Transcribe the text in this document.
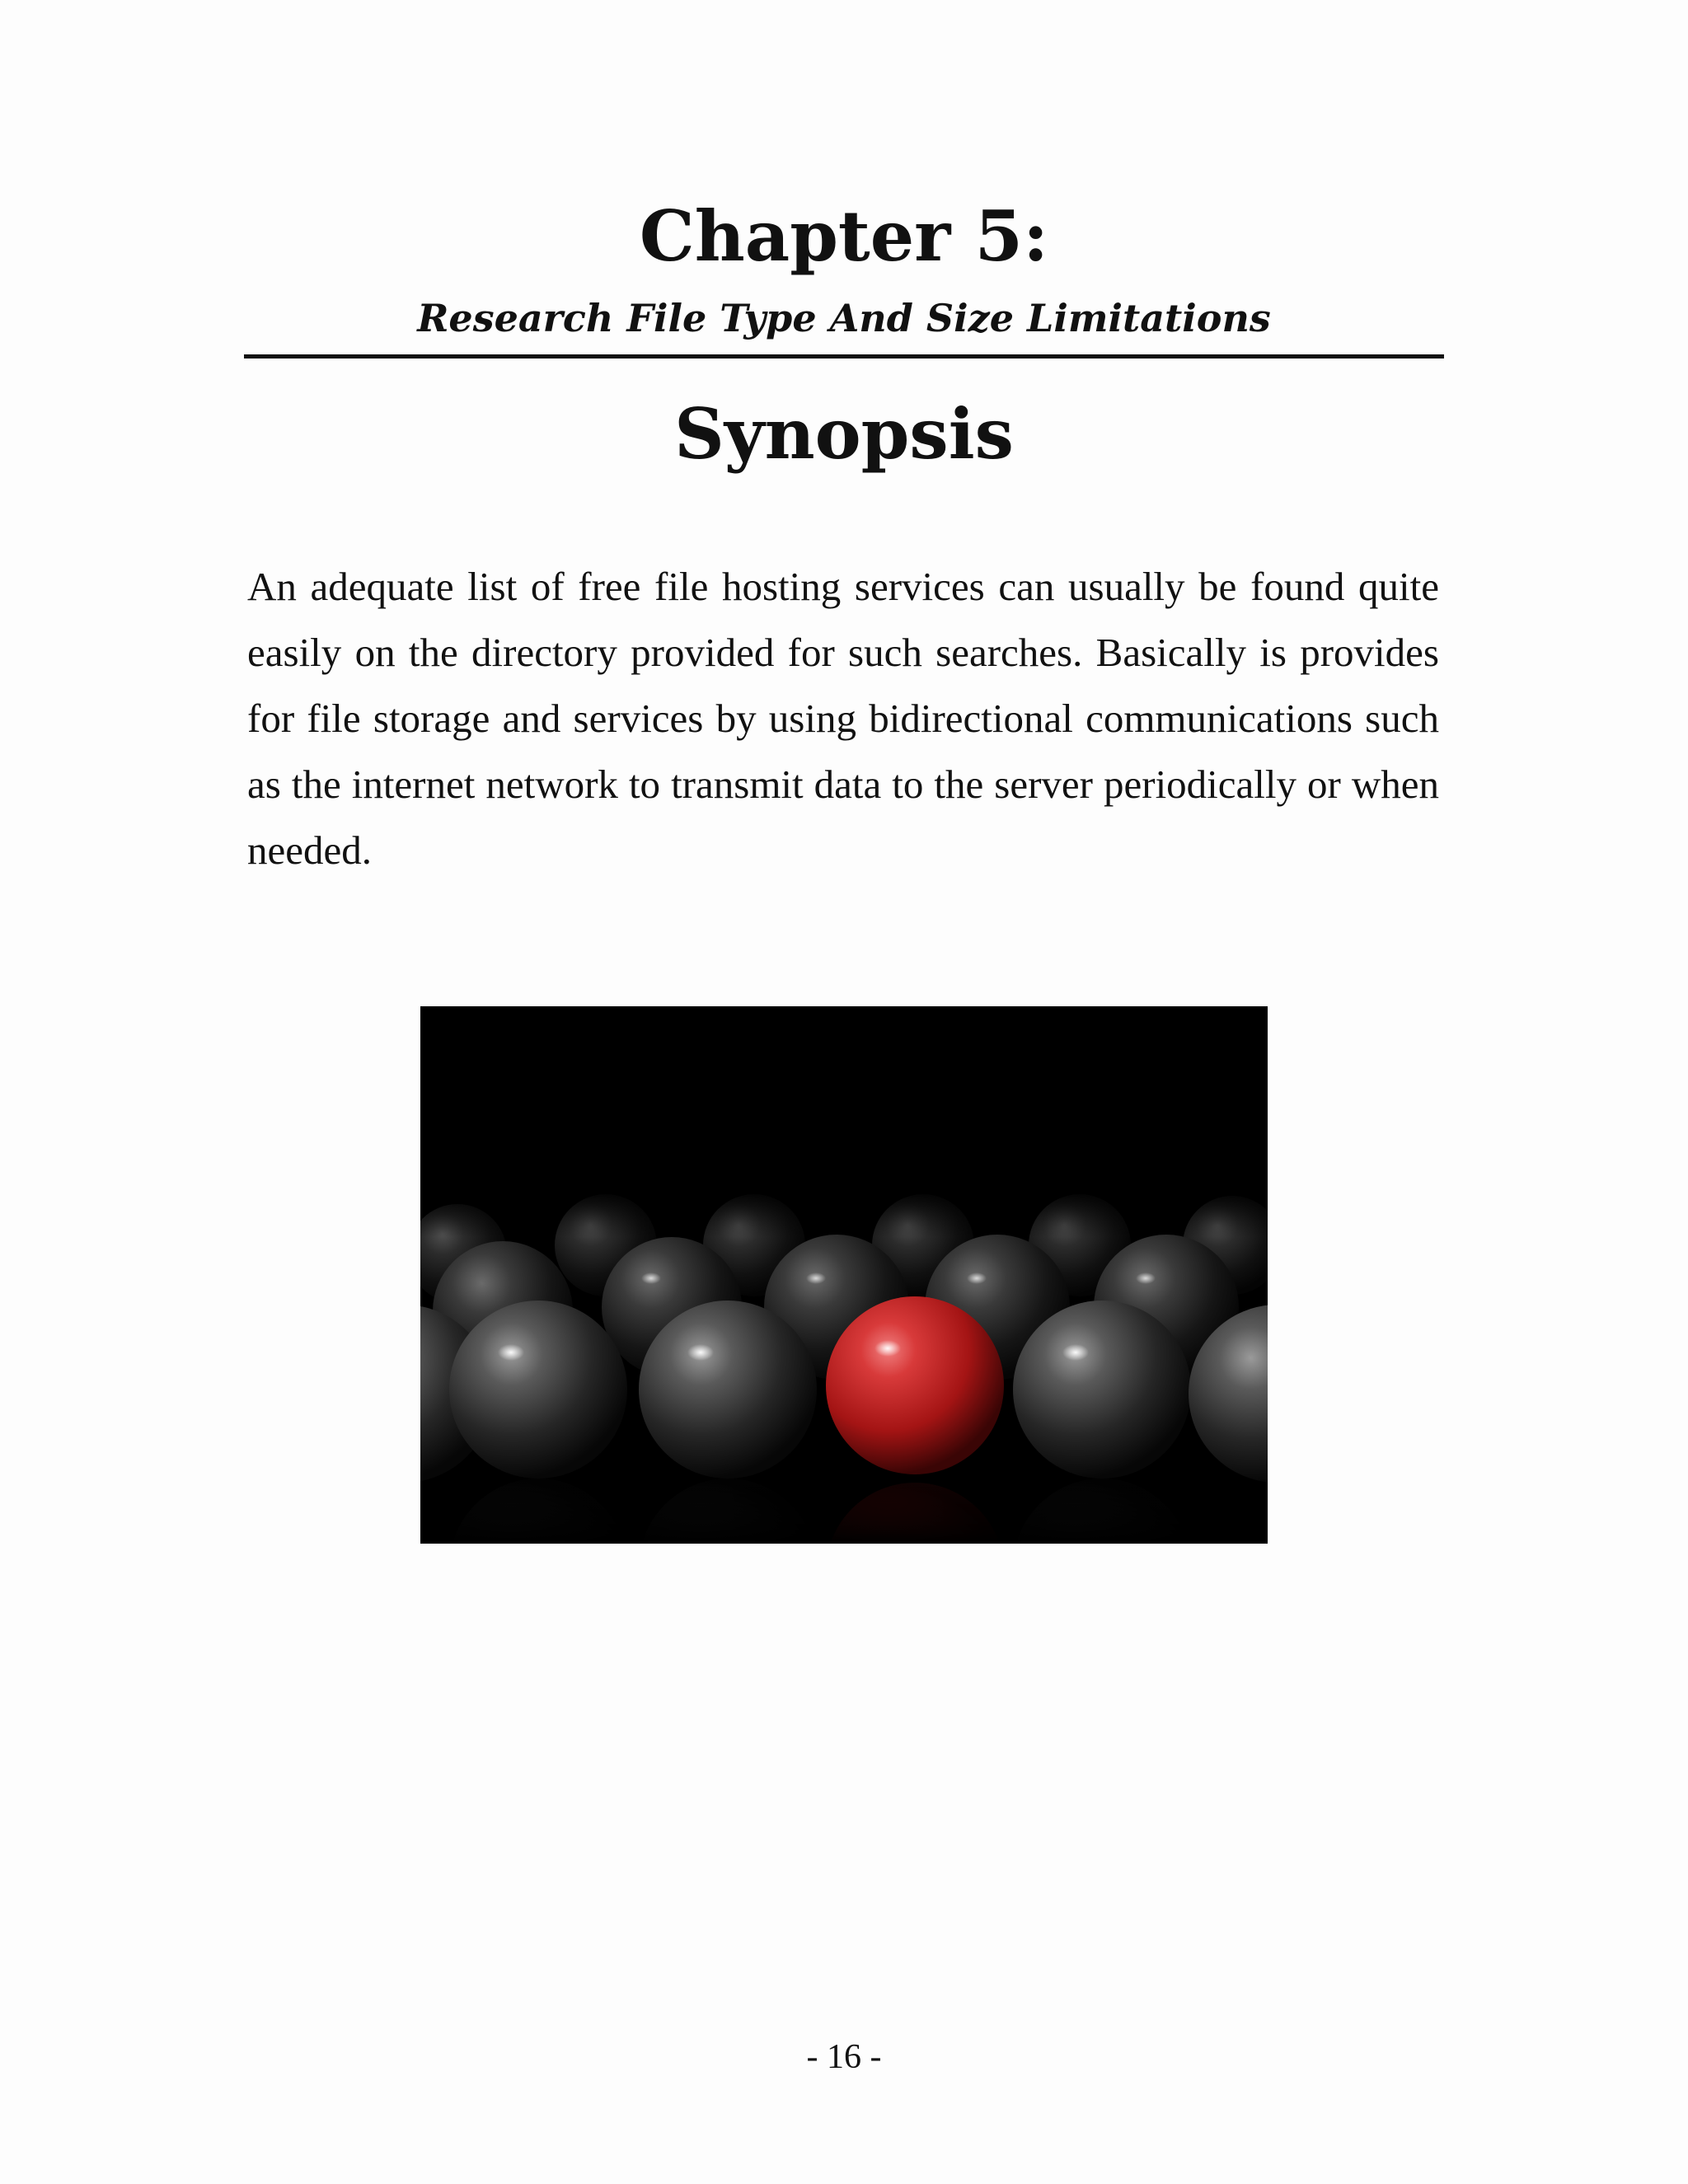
Chapter 5:
Research File Type And Size Limitations
Synopsis

An adequate list of free file hosting services can usually be found quite easily on the directory provided for such searches. Basically is provides for file storage and services by using bidirectional communications such as the internet network to transmit data to the server periodically or when needed.

- 16 -
